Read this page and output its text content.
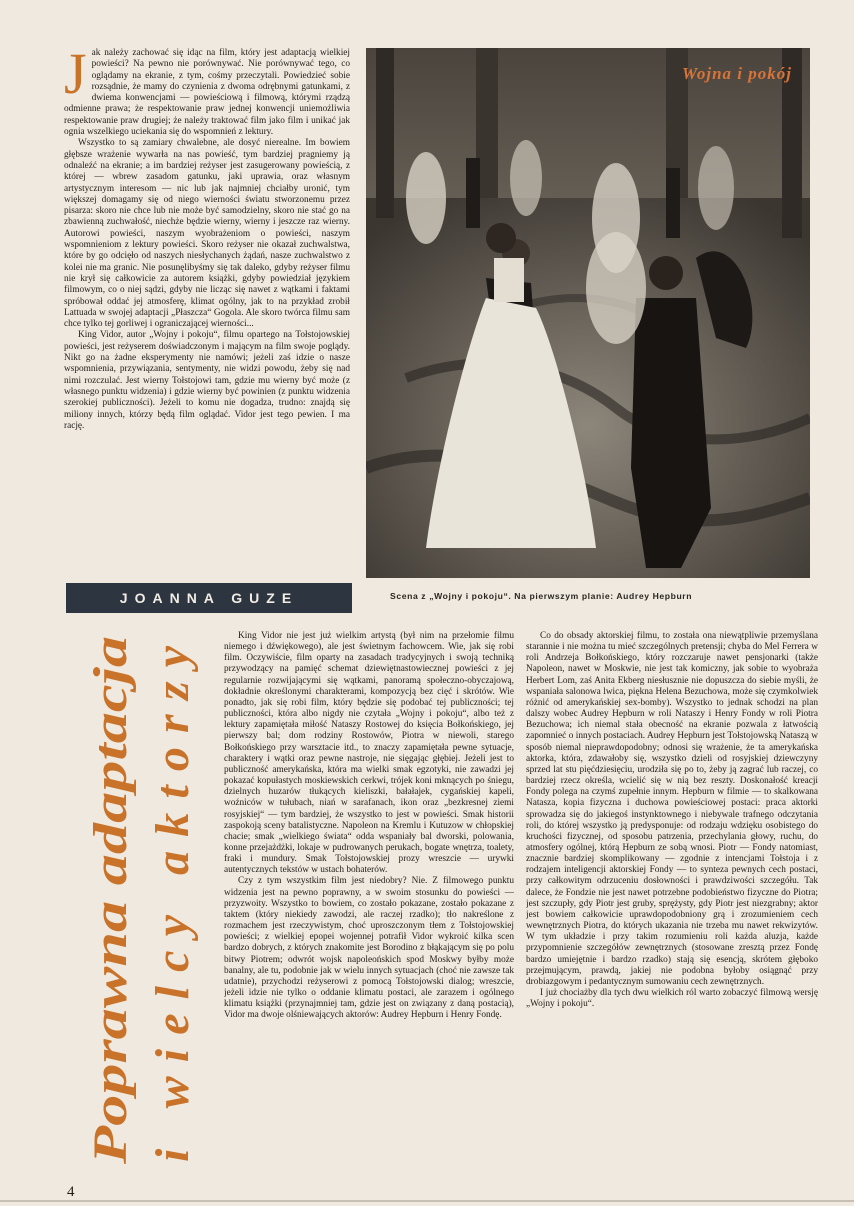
J ak należy zachować się idąc na film, który jest adaptacją wielkiej powieści? Na pewno nie porównywać. Nie porównywać tego, co oglądamy na ekranie, z tym, cośmy przeczytali. Powiedzieć sobie rozsądnie, że mamy do czynienia z dwoma odrębnymi gatunkami, z dwiema konwencjami — powieściową i filmową, którymi rządzą odmienne prawa; że respektowanie praw jednej konwencji uniemożliwia respektowanie praw drugiej; że należy traktować film jako film i unikać jak ognia wszelkiego uciekania się do wspomnień z lektury.

Wszystko to są zamiary chwalebne, ale dosyć nierealne. Im bowiem głębsze wrażenie wywarła na nas powieść, tym bardziej pragniemy ją odnaleźć na ekranie; a im bardziej reżyser jest zasugerowany powieścią, z której — wbrew zasadom gatunku, jaki uprawia, oraz własnym artystycznym interesom — nic lub jak najmniej chciałby uronić, tym większej domagamy się od niego wierności światu stworzonemu przez pisarza: skoro nie chce lub nie może być samodzielny, skoro nie stać go na zbawienną zuchwałość, niechże będzie wierny, wierny i jeszcze raz wierny. Autorowi powieści, naszym wyobrażeniom o powieści, naszym wspomnieniom z lektury powieści. Skoro reżyser nie okazał zuchwalstwa, które by go odcięło od naszych niesłychanych żądań, nasze zuchwalstwo z kolei nie ma granic. Nie posunęlibyśmy się tak daleko, gdyby reżyser filmu nie krył się całkowicie za autorem książki, gdyby powiedział językiem filmowym, co o niej sądzi, gdyby nie licząc się nawet z wątkami i faktami spróbował oddać jej atmosferę, klimat ogólny, jak to na przykład zrobił Lattuada w swojej adaptacji „Płaszcza“ Gogola. Ale skoro twórca filmu sam chce tylko tej gorliwej i ograniczającej wierności...

King Vidor, autor „Wojny i pokoju“, filmu opartego na Tołstojowskiej powieści, jest reżyserem doświadczonym i mającym na film swoje poglądy. Nikt go na żadne eksperymenty nie namówi; jeżeli zaś idzie o nasze wspomnienia, przywiązania, sentymenty, nie widzi powodu, żeby się nad nimi rozczulać. Jest wierny Tołstojowi tam, gdzie mu wierny być może (z własnego punktu widzenia) i gdzie wierny być powinien (z punktu widzenia szerokiej publiczności). Jeżeli to komu nie dogadza, trudno: znajdą się miliony innych, którzy będą film oglądać. Vidor jest tego pewien. I ma rację.

Wojna i pokój
JOANNA GUZE	Scena z „Wojny i pokoju“. Na pierwszym planie: Audrey Hepburn
Poprawna adaptacja i wielcy aktorzy

King Vidor nie jest już wielkim artystą (był nim na przełomie filmu niemego i dźwiękowego), ale jest świetnym fachowcem. Wie, jak się robi film. Oczywiście, film oparty na zasadach tradycyjnych i swoją techniką przywodzący na pamięć schemat dziewiętnastowiecznej powieści z jej regularnie rozwijającymi się wątkami, panoramą społeczno-obyczajową, dokładnie określonymi charakterami, kompozycją bez cięć i skrótów. Wie ponadto, jak się robi film, który będzie się podobać tej publiczności; tej publiczności, która albo nigdy nie czytała „Wojny i pokoju“, albo też z lektury zapamiętała miłość Nataszy Rostowej do księcia Bołkońskiego, jej pierwszy bal; dom rodziny Rostowów, Piotra w niewoli, starego Bołkońskiego przy warsztacie itd., to znaczy zapamiętała pewne sytuacje, charaktery i wątki oraz pewne nastroje, nie sięgając głębiej. Jeżeli jest to publiczność amerykańska, która ma wielki smak egzotyki, nie zawadzi jej pokazać kopułastych moskiewskich cerkwi, trójek koni mknących po śniegu, dzielnych huzarów tłukących kieliszki, bałałajek, cygańskiej kapeli, woźniców w tułubach, niań w sarafanach, ikon oraz „bezkresnej ziemi rosyjskiej“ — tym bardziej, że wszystko to jest w powieści. Smak historii zaspokoją sceny batalistyczne. Napoleon na Kremlu i Kutuzow w chłopskiej chacie; smak „wielkiego świata“ odda wspaniały bal dworski, polowania, konne przejażdżki, lokaje w pudrowanych perukach, bogate wnętrza, toalety, fraki i mundury. Smak Tołstojowskiej prozy wreszcie — urywki autentycznych tekstów w ustach bohaterów.

Czy z tym wszystkim film jest niedobry? Nie. Z filmowego punktu widzenia jest na pewno poprawny, a w swoim stosunku do powieści — przyzwoity. Wszystko to bowiem, co zostało pokazane, zostało pokazane z taktem (który niekiedy zawodzi, ale raczej rzadko); tło nakreślone z rozmachem jest rzeczywistym, choć uproszczonym tłem z Tołstojowskiej powieści; z wielkiej epopei wojennej potrafił Vidor wykroić kilka scen bardzo dobrych, z których znakomite jest Borodino z błąkającym się po polu bitwy Piotrem; odwrót wojsk napoleońskich spod Moskwy byłby może banalny, ale tu, podobnie jak w wielu innych sytuacjach (choć nie zawsze tak udatnie), przychodzi reżyserowi z pomocą Tołstojowski dialog; wreszcie, jeżeli idzie nie tylko o oddanie klimatu postaci, ale zarazem i ogólnego klimatu książki (przynajmniej tam, gdzie jest on związany z daną postacią), Vidor ma dwoje olśniewających aktorów: Audrey Hepburn i Henry Fondę.

Co do obsady aktorskiej filmu, to została ona niewątpliwie przemyślana starannie i nie można tu mieć szczególnych pretensji; chyba do Mel Ferrera w roli Andrzeja Bołkońskiego, który rozczaruje nawet pensjonarki (także Napoleon, nawet w Moskwie, nie jest tak komiczny, jak sobie to wyobraża Herbert Lom, zaś Anita Ekberg niesłusznie nie dopuszcza do siebie myśli, że wspaniała salonowa lwica, piękna Helena Bezuchowa, może się czymkolwiek różnić od amerykańskiej sex-bomby). Wszystko to jednak schodzi na plan dalszy wobec Audrey Hepburn w roli Nataszy i Henry Fondy w roli Piotra Bezuchowa; ich niemal stała obecność na ekranie pozwala z łatwością zapomnieć o innych postaciach. Audrey Hepburn jest Tołstojowską Nataszą w sposób niemal nieprawdopodobny; odnosi się wrażenie, że ta amerykańska aktorka, która, zdawałoby się, wszystko dzieli od rosyjskiej dziewczyny sprzed lat stu pięćdziesięciu, urodziła się po to, żeby ją zagrać lub raczej, co bardziej rzecz określa, wcielić się w nią bez reszty. Doskonałość kreacji Fondy polega na czymś zupełnie innym. Hepburn w filmie — to skalkowana Natasza, kopia fizyczna i duchowa powieściowej postaci: praca aktorki sprowadza się do jakiegoś instynktownego i niebywale trafnego odczytania roli, do której wszystko ją predysponuje: od rodzaju wdzięku osobistego do kruchości fizycznej, od sposobu patrzenia, przechylania głowy, ruchu, do atmosfery ogólnej, którą Hepburn ze sobą wnosi. Piotr — Fondy natomiast, znacznie bardziej skomplikowany — zgodnie z intencjami Tołstoja i z rodzajem inteligencji aktorskiej Fondy — to synteza pewnych cech postaci, przy całkowitym odrzuceniu dosłowności i prawdziwości szczegółu. Tak dalece, że Fondzie nie jest nawet potrzebne podobieństwo fizyczne do Piotra; jest szczupły, gdy Piotr jest gruby, sprężysty, gdy Piotr jest niezgrabny; aktor jest bowiem całkowicie uprawdopodobniony grą i zrozumieniem cech wewnętrznych Piotra, do których ukazania nie trzeba mu nawet rekwizytów. W tym układzie i przy takim rozumieniu roli każda aluzja, każde przypomnienie szczegółów zewnętrznych (stosowane zresztą przez Fondę bardzo umiejętnie i bardzo rzadko) stają się esencją, skrótem głęboko przejmującym, prawdą, jakiej nie podobna byłoby osiągnąć przy drobiazgowym i pedantycznym sumowaniu cech zewnętrznych.

I już chociażby dla tych dwu wielkich ról warto zobaczyć filmową wersję „Wojny i pokoju“.

4
